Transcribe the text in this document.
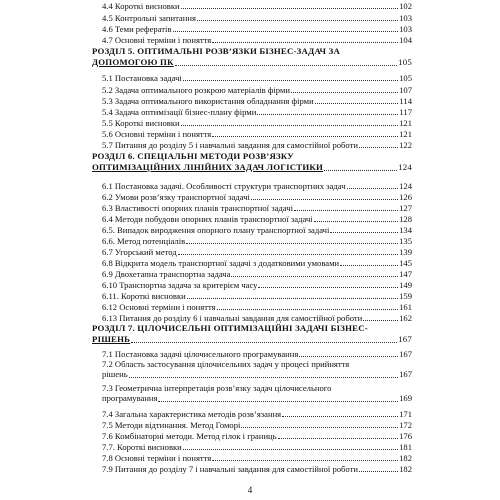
4.4 Короткі висновки	102
4.5 Контрольні запитання	103
4.6 Теми рефератів	103
4.7 Основні терміни і поняття	104
РОЗДІЛ 5. ОПТИМАЛЬНІ РОЗВ’ЯЗКИ БІЗНЕС-ЗАДАЧ ЗА
ДОПОМОГОЮ ПК	105
5.1 Постановка задачі	105
5.2 Задача оптимального розкрою матеріалів фірми	107
5.3 Задача оптимального використання обладнання фірми	114
5.4 Задача оптимізації бізнес-плану фірми	117
5.5 Короткі висновки	121
5.6 Основні терміни і поняття	121
5.7 Питання до розділу 5 і навчальні завдання для самостійної роботи	122
РОЗДІЛ 6. СПЕЦІАЛЬНІ МЕТОДИ РОЗВ’ЯЗКУ
ОПТИМІЗАЦІЙНИХ ЛІНІЙНИХ ЗАДАЧ ЛОГІСТИКИ	124
6.1 Постановка задачі. Особливості структури транспортних задач	124
6.2 Умови розв’язку транспортної задачі	126
6.3 Властивості опорних планів транспортної задачі	127
6.4 Методи побудови опорних планів транспортної задачі	128
6.5. Випадок виродження опорного плану транспортної задачі	134
6.6. Метод потенціалів	135
6.7 Угорський метод	139
6.8 Відкрита модель транспортної задачі з додатковими умовами	145
6.9 Двохетапна транспортна задача	147
6.10 Транспортна задача за критерієм часу	149
6.11. Короткі висновки	159
6.12 Основні терміни і поняття	161
6.13 Питання до розділу 6 і навчальні завдання для самостійної роботи	162
РОЗДІЛ 7. ЦІЛОЧИСЕЛЬНІ ОПТИМІЗАЦІЙНІ ЗАДАЧІ БІЗНЕС-
РІШЕНЬ	167
7.1 Постановка задачі цілочисельного програмування	167
7.2 Область застосування цілочисельних задач у процесі прийняття
рішень	167
7.3 Геометрична інтерпретація розв’язку задач цілочисельного
програмування	169
7.4 Загальна характеристика методів розв’язання	171
7.5 Методи відтинання. Метод Гоморі	172
7.6 Комбінаторні методи. Метод гілок і границь	176
7.7. Короткі висновки	181
7.8 Основні терміни і поняття	182
7.9 Питання до розділу 7 і навчальні завдання для самостійної роботи	182
4
